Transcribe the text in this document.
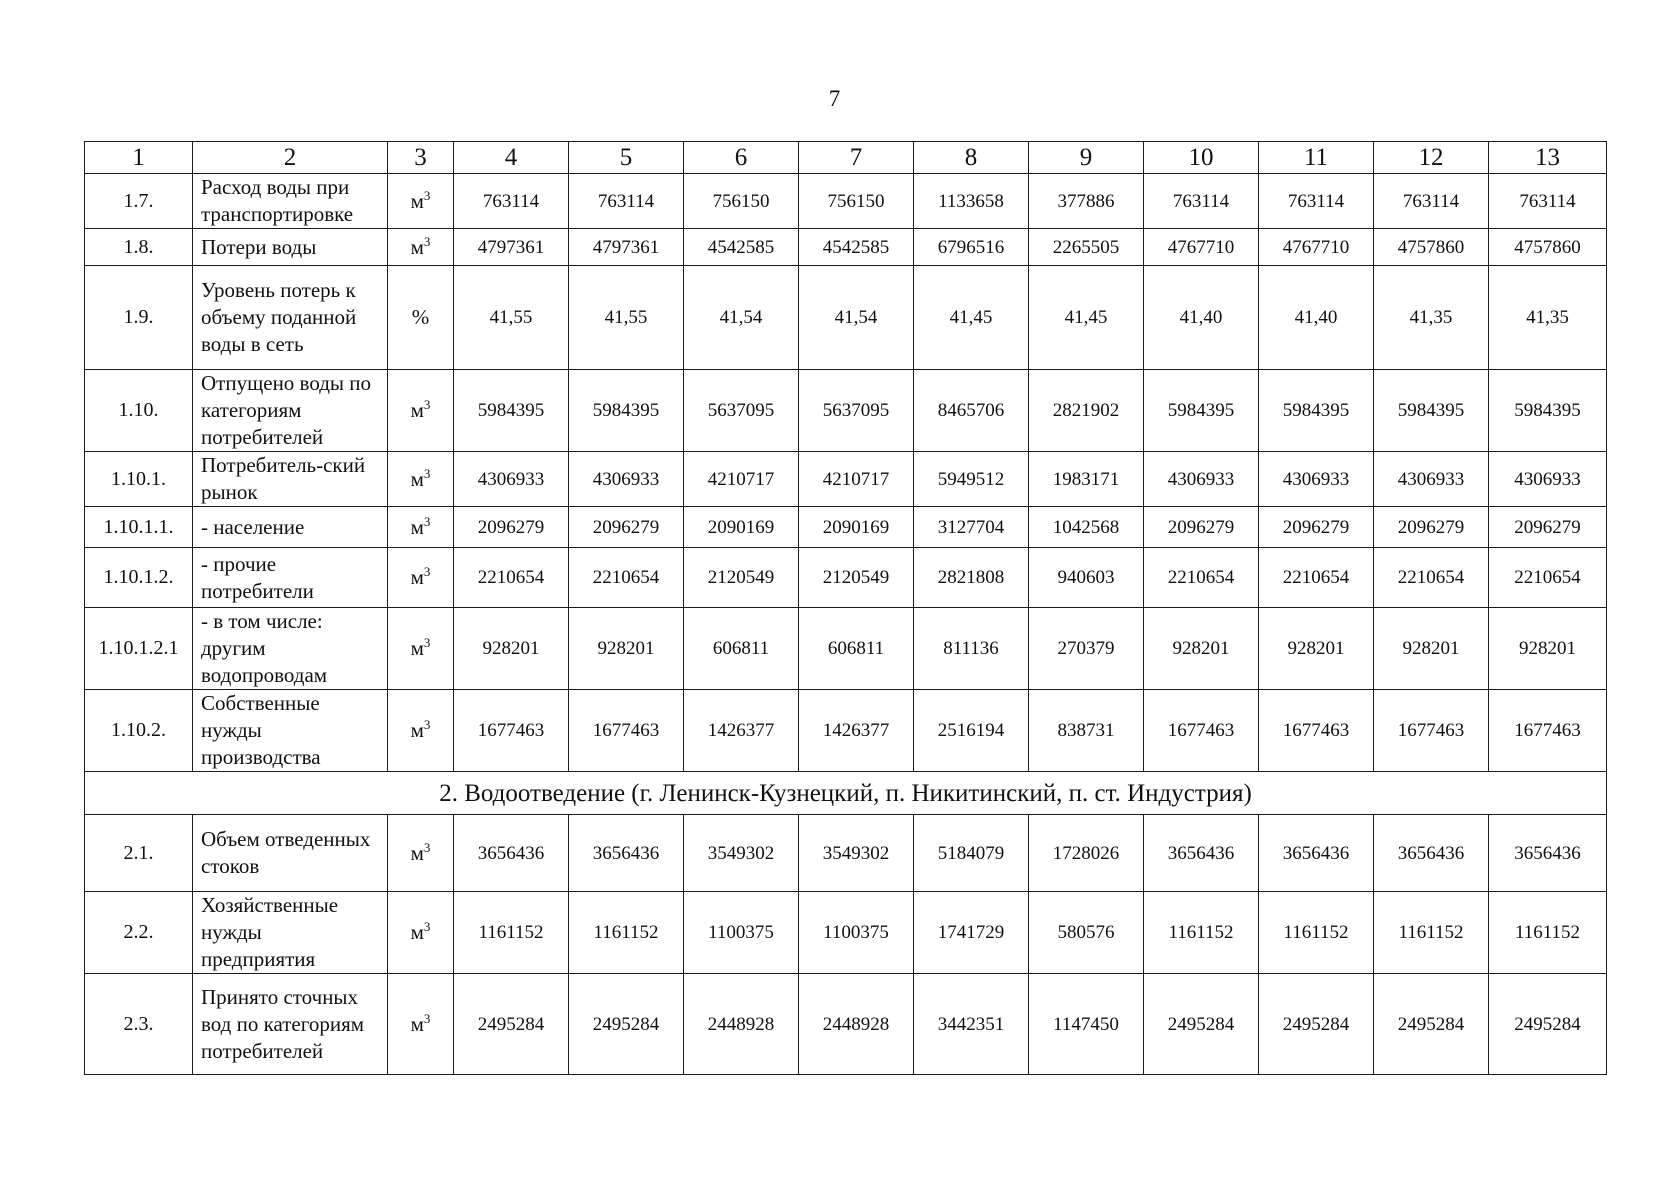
7
1	2	3	4	5	6	7	8	9	10	11	12	13
1.7.	Расход воды при транспортировке	$м^3$	763114	763114	756150	756150	1133658	377886	763114	763114	763114	763114
1.8.	Потери воды	$м^3$	4797361	4797361	4542585	4542585	6796516	2265505	4767710	4767710	4757860	4757860
1.9.	Уровень потерь к объему поданной воды в сеть	%	41,55	41,55	41,54	41,54	41,45	41,45	41,40	41,40	41,35	41,35
1.10.	Отпущено воды по категориям потребителей	$м^3$	5984395	5984395	5637095	5637095	8465706	2821902	5984395	5984395	5984395	5984395
1.10.1.	Потребитель-ский рынок	$м^3$	4306933	4306933	4210717	4210717	5949512	1983171	4306933	4306933	4306933	4306933
1.10.1.1.	- население	$м^3$	2096279	2096279	2090169	2090169	3127704	1042568	2096279	2096279	2096279	2096279
1.10.1.2.	- прочие потребители	$м^3$	2210654	2210654	2120549	2120549	2821808	940603	2210654	2210654	2210654	2210654
1.10.1.2.1	- в том числе: другим водопроводам	$м^3$	928201	928201	606811	606811	811136	270379	928201	928201	928201	928201
1.10.2.	Собственные нужды производства	$м^3$	1677463	1677463	1426377	1426377	2516194	838731	1677463	1677463	1677463	1677463
2. Водоотведение (г. Ленинск-Кузнецкий, п. Никитинский, п. ст. Индустрия)												
2.1.	Объем отведенных стоков	$м^3$	3656436	3656436	3549302	3549302	5184079	1728026	3656436	3656436	3656436	3656436
2.2.	Хозяйственные нужды предприятия	$м^3$	1161152	1161152	1100375	1100375	1741729	580576	1161152	1161152	1161152	1161152
2.3.	Принято сточных вод по категориям потребителей	$м^3$	2495284	2495284	2448928	2448928	3442351	1147450	2495284	2495284	2495284	2495284
